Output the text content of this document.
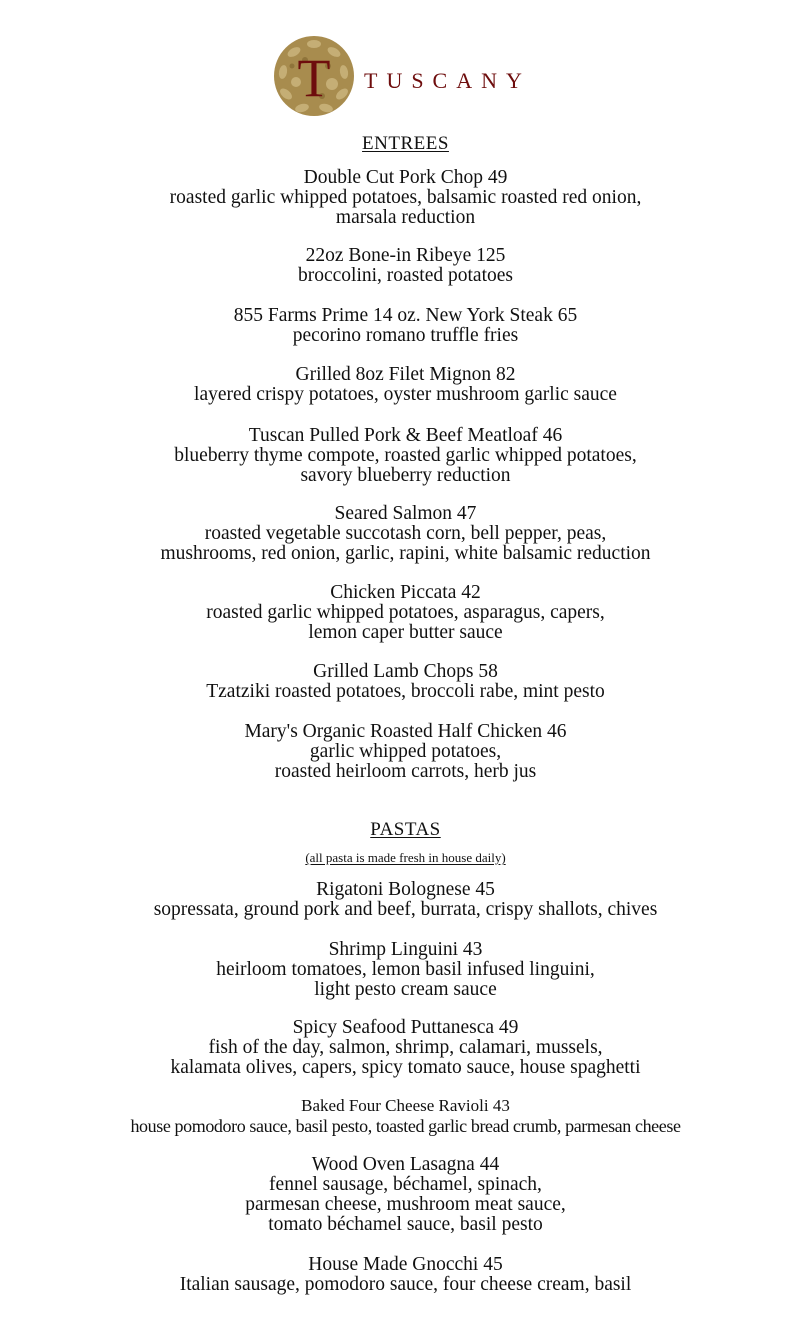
T TUSCANY
ENTREES
Double Cut Pork Chop 49
roasted garlic whipped potatoes, balsamic roasted red onion,
marsala reduction
22oz Bone-in Ribeye 125
broccolini, roasted potatoes
855 Farms Prime 14 oz. New York Steak 65
pecorino romano truffle fries
Grilled 8oz Filet Mignon 82
layered crispy potatoes, oyster mushroom garlic sauce
Tuscan Pulled Pork & Beef Meatloaf 46
blueberry thyme compote, roasted garlic whipped potatoes,
savory blueberry reduction
Seared Salmon 47
roasted vegetable succotash corn, bell pepper, peas,
mushrooms, red onion, garlic, rapini, white balsamic reduction
Chicken Piccata 42
roasted garlic whipped potatoes, asparagus, capers,
lemon caper butter sauce
Grilled Lamb Chops 58
Tzatziki roasted potatoes, broccoli rabe, mint pesto
Mary's Organic Roasted Half Chicken 46
garlic whipped potatoes,
roasted heirloom carrots, herb jus
PASTAS
(all pasta is made fresh in house daily)
Rigatoni Bolognese 45
sopressata, ground pork and beef, burrata, crispy shallots, chives
Shrimp Linguini 43
heirloom tomatoes, lemon basil infused linguini,
light pesto cream sauce
Spicy Seafood Puttanesca 49
fish of the day, salmon, shrimp, calamari, mussels,
kalamata olives, capers, spicy tomato sauce, house spaghetti
Baked Four Cheese Ravioli 43
house pomodoro sauce, basil pesto, toasted garlic bread crumb, parmesan cheese
Wood Oven Lasagna 44
fennel sausage, béchamel, spinach,
parmesan cheese, mushroom meat sauce,
tomato béchamel sauce, basil pesto
House Made Gnocchi 45
Italian sausage, pomodoro sauce, four cheese cream, basil
